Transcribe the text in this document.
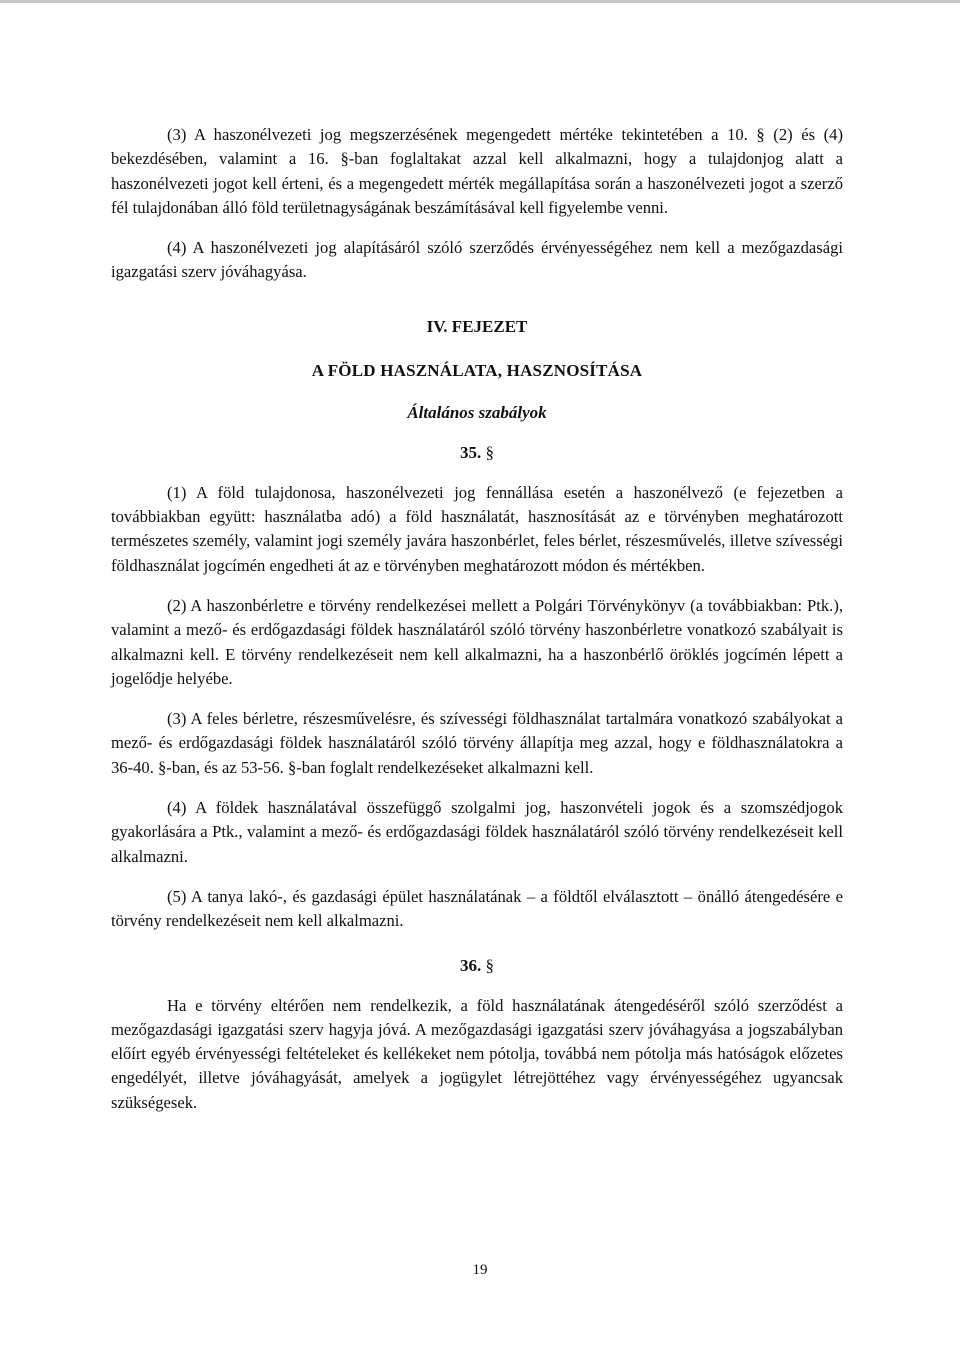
(3) A haszonélvezeti jog megszerzésének megengedett mértéke tekintetében a 10. § (2) és (4) bekezdésében, valamint a 16. §-ban foglaltakat azzal kell alkalmazni, hogy a tulajdonjog alatt a haszonélvezeti jogot kell érteni, és a megengedett mérték megállapítása során a haszonélvezeti jogot a szerző fél tulajdonában álló föld területnagyságának beszámításával kell figyelembe venni.

(4) A haszonélvezeti jog alapításáról szóló szerződés érvényességéhez nem kell a mezőgazdasági igazgatási szerv jóváhagyása.

IV. FEJEZET

A FÖLD HASZNÁLATA, HASZNOSÍTÁSA

Általános szabályok

35. §

(1) A föld tulajdonosa, haszonélvezeti jog fennállása esetén a haszonélvező (e fejezetben a továbbiakban együtt: használatba adó) a föld használatát, hasznosítását az e törvényben meghatározott természetes személy, valamint jogi személy javára haszonbérlet, feles bérlet, részesművelés, illetve szívességi földhasználat jogcímén engedheti át az e törvényben meghatározott módon és mértékben.

(2) A haszonbérletre e törvény rendelkezései mellett a Polgári Törvénykönyv (a továbbiakban: Ptk.), valamint a mező- és erdőgazdasági földek használatáról szóló törvény haszonbérletre vonatkozó szabályait is alkalmazni kell. E törvény rendelkezéseit nem kell alkalmazni, ha a haszonbérlő öröklés jogcímén lépett a jogelődje helyébe.

(3) A feles bérletre, részesművelésre, és szívességi földhasználat tartalmára vonatkozó szabályokat a mező- és erdőgazdasági földek használatáról szóló törvény állapítja meg azzal, hogy e földhasználatokra a 36-40. §-ban, és az 53-56. §-ban foglalt rendelkezéseket alkalmazni kell.

(4) A földek használatával összefüggő szolgalmi jog, haszonvételi jogok és a szomszédjogok gyakorlására a Ptk., valamint a mező- és erdőgazdasági földek használatáról szóló törvény rendelkezéseit kell alkalmazni.

(5) A tanya lakó-, és gazdasági épület használatának – a földtől elválasztott – önálló átengedésére e törvény rendelkezéseit nem kell alkalmazni.

36. §

Ha e törvény eltérően nem rendelkezik, a föld használatának átengedéséről szóló szerződést a mezőgazdasági igazgatási szerv hagyja jóvá. A mezőgazdasági igazgatási szerv jóváhagyása a jogszabályban előírt egyéb érvényességi feltételeket és kellékeket nem pótolja, továbbá nem pótolja más hatóságok előzetes engedélyét, illetve jóváhagyását, amelyek a jogügylet létrejöttéhez vagy érvényességéhez ugyancsak szükségesek.

19
